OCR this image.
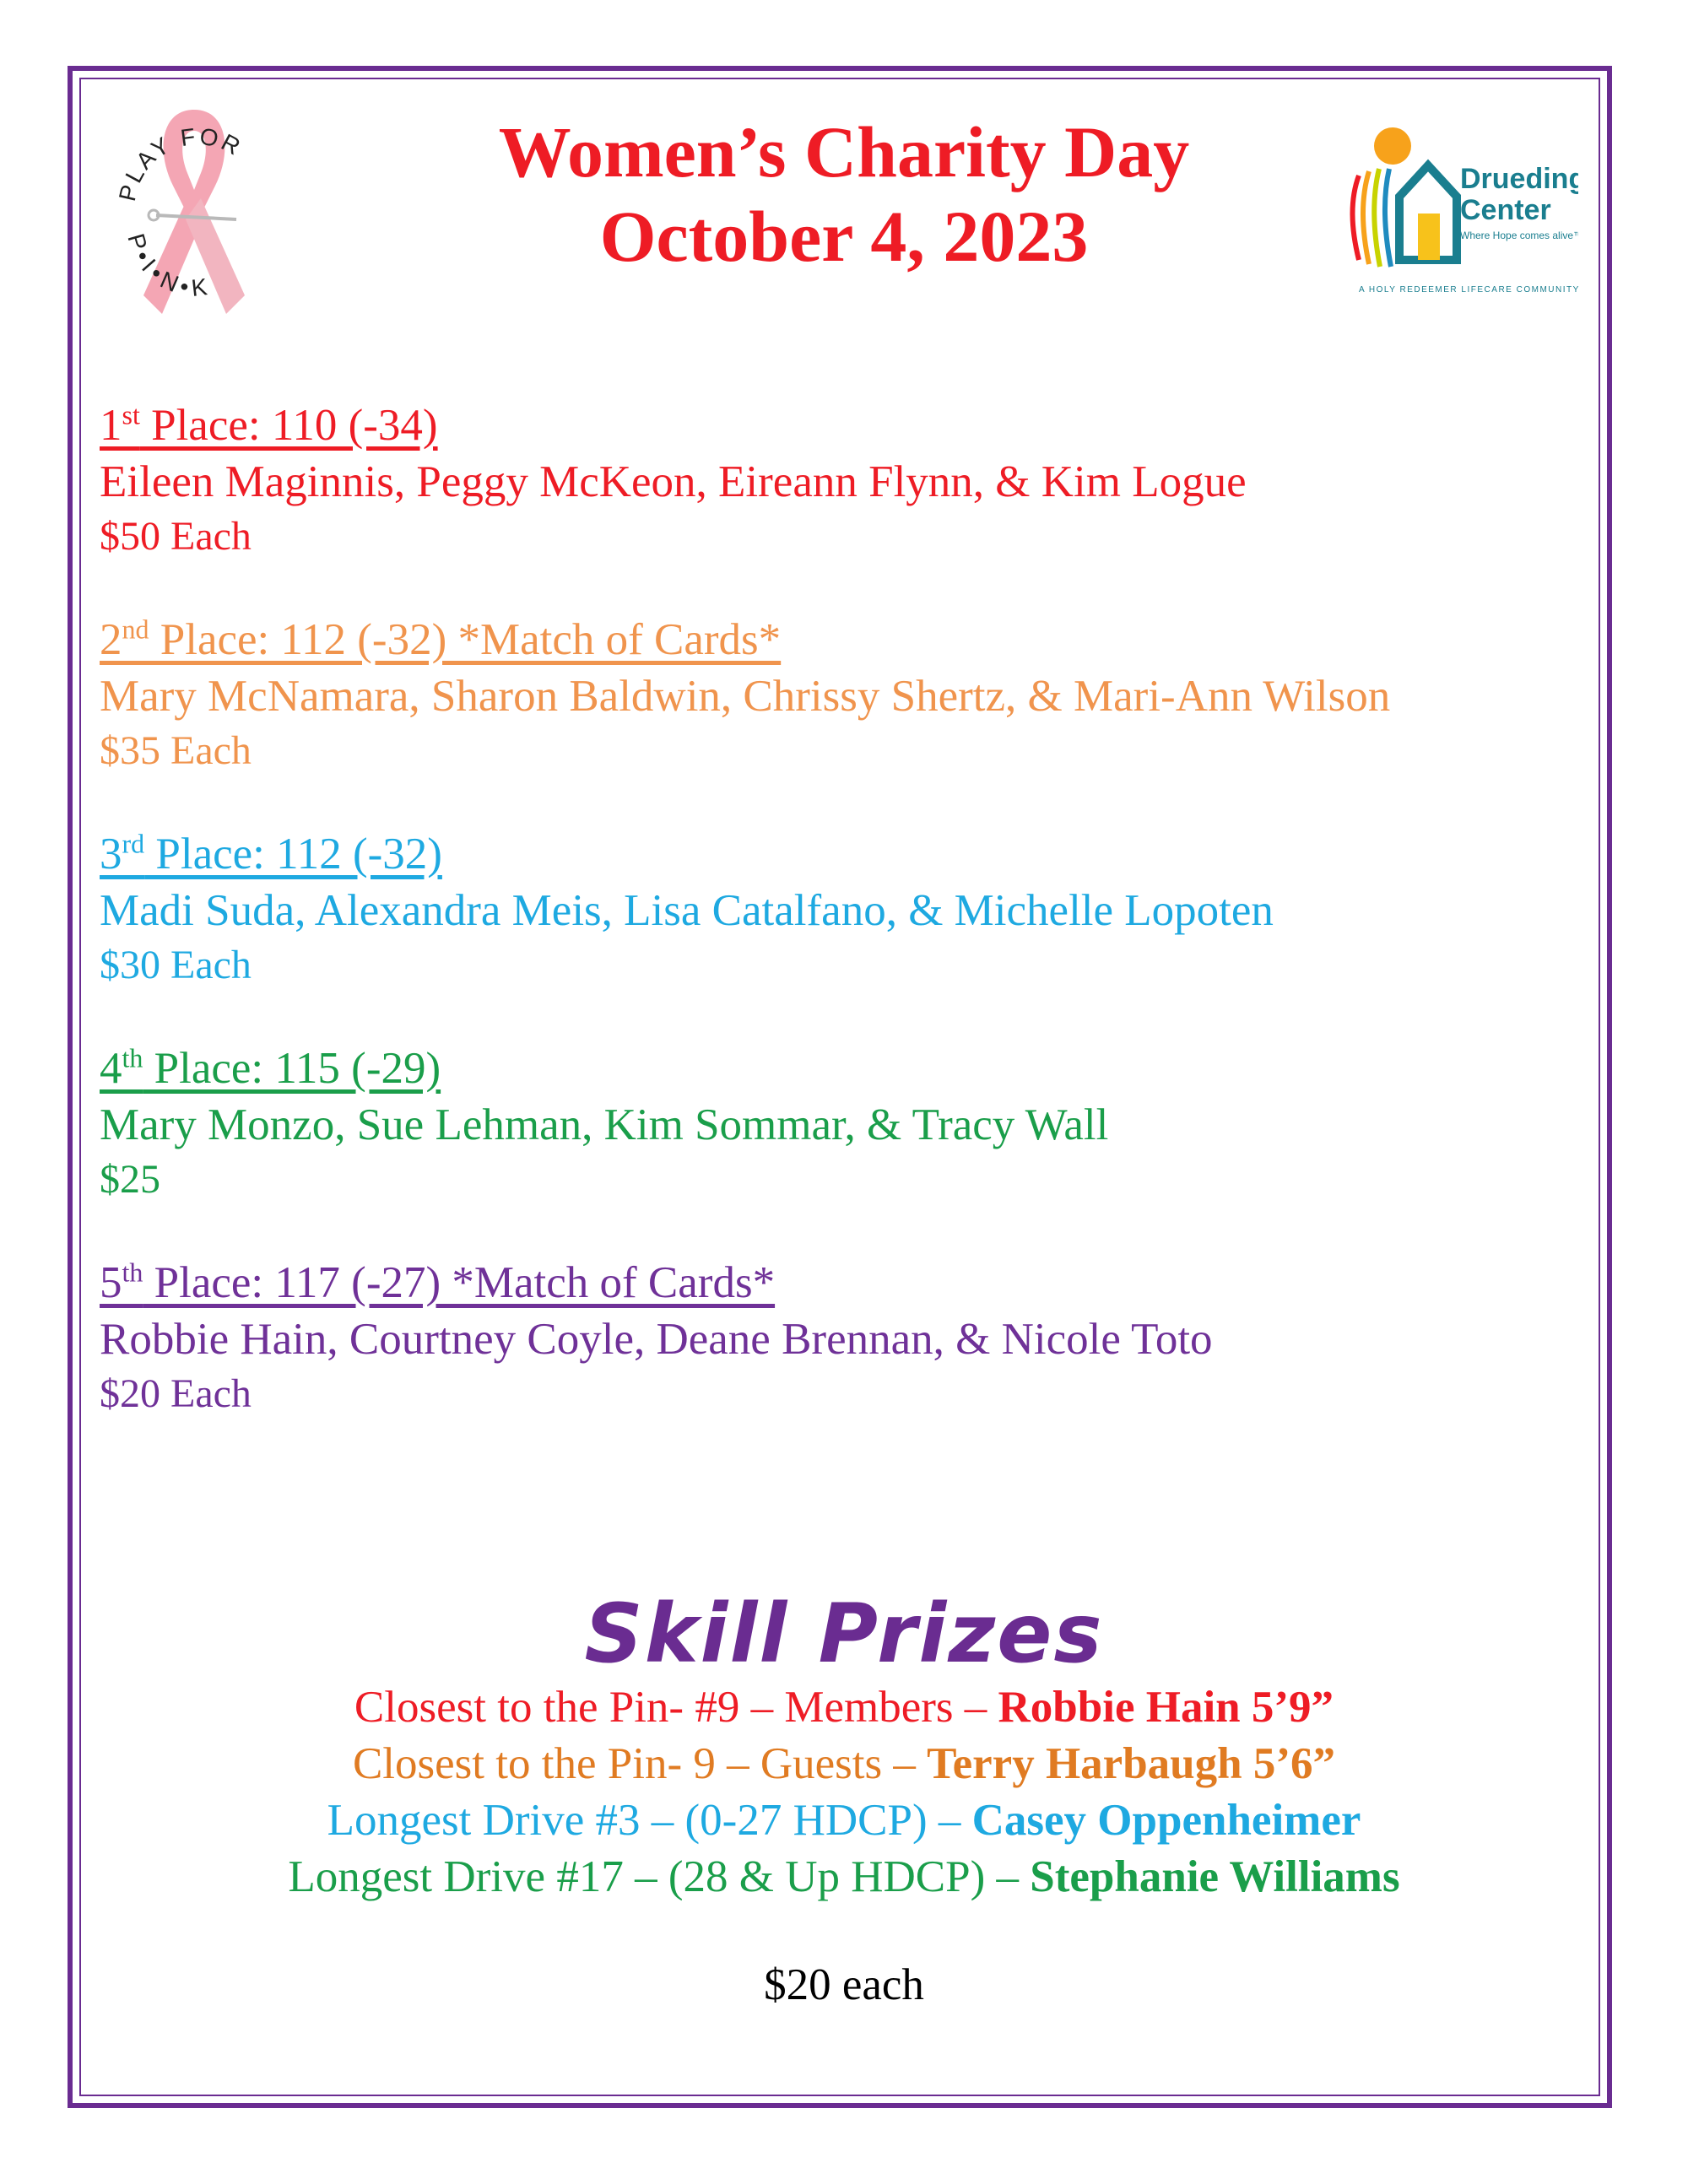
PLAY FOR
P•I•N•K
Women’s Charity Day
October 4, 2023
Drueding
Center
Where Hope comes alive™
A HOLY REDEEMER LIFECARE COMMUNITY
1st Place: 110 (-34)
Eileen Maginnis, Peggy McKeon, Eireann Flynn, & Kim Logue
$50 Each
2nd Place: 112 (-32) *Match of Cards*
Mary McNamara, Sharon Baldwin, Chrissy Shertz, & Mari-Ann Wilson
$35 Each
3rd Place: 112 (-32)
Madi Suda, Alexandra Meis, Lisa Catalfano, & Michelle Lopoten
$30 Each
4th Place: 115 (-29)
Mary Monzo, Sue Lehman, Kim Sommar, & Tracy Wall
$25
5th Place: 117 (-27) *Match of Cards*
Robbie Hain, Courtney Coyle, Deane Brennan, & Nicole Toto
$20 Each
Skill Prizes
Closest to the Pin- #9 – Members – Robbie Hain 5’9”
Closest to the Pin- 9 – Guests – Terry Harbaugh 5’6”
Longest Drive #3 – (0-27 HDCP) – Casey Oppenheimer
Longest Drive #17 – (28 & Up HDCP) – Stephanie Williams
$20 each
